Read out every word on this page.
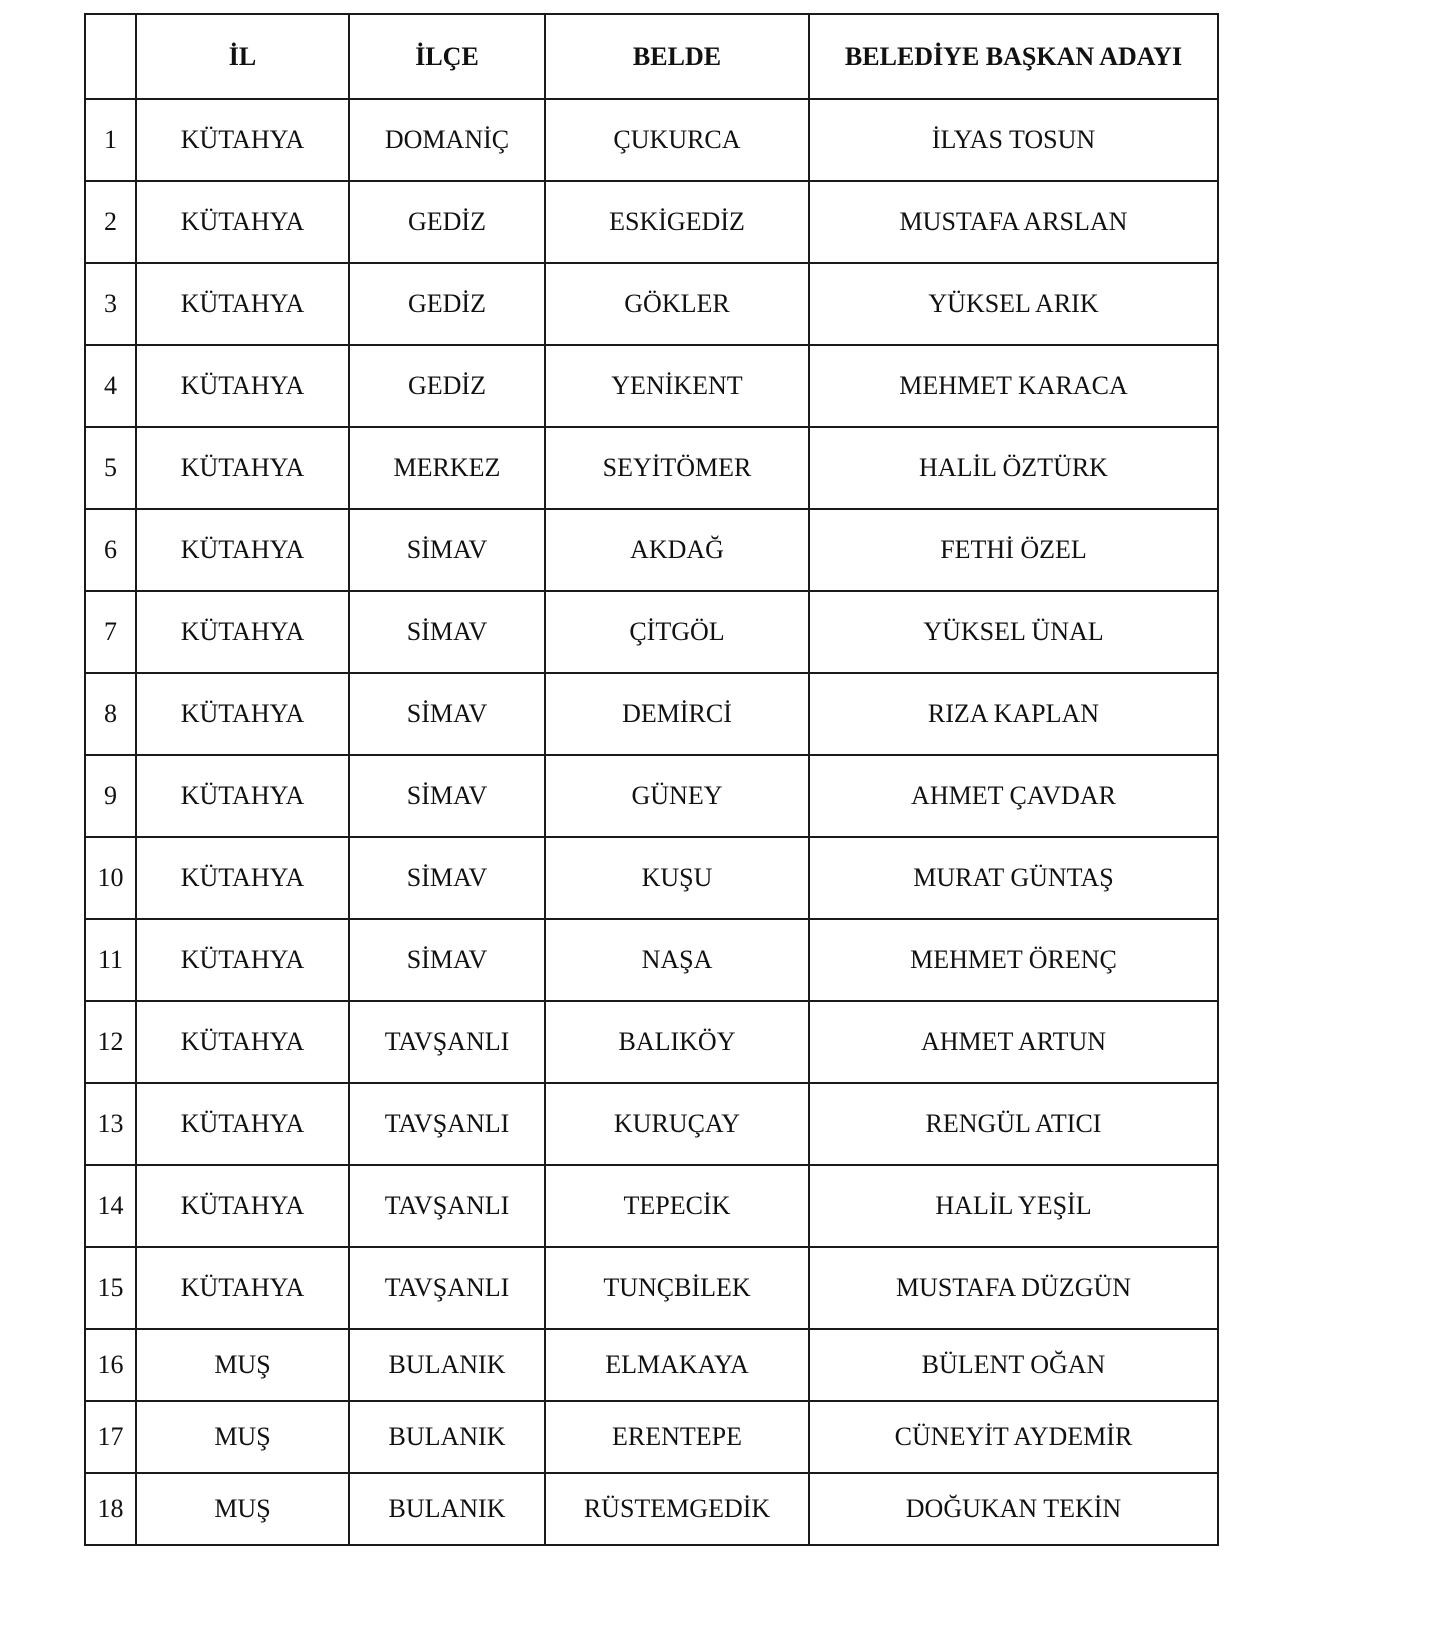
	İL	İLÇE	BELDE	BELEDİYE BAŞKAN ADAYI
1	KÜTAHYA	DOMANİÇ	ÇUKURCA	İLYAS TOSUN
2	KÜTAHYA	GEDİZ	ESKİGEDİZ	MUSTAFA ARSLAN
3	KÜTAHYA	GEDİZ	GÖKLER	YÜKSEL ARIK
4	KÜTAHYA	GEDİZ	YENİKENT	MEHMET KARACA
5	KÜTAHYA	MERKEZ	SEYİTÖMER	HALİL ÖZTÜRK
6	KÜTAHYA	SİMAV	AKDAĞ	FETHİ ÖZEL
7	KÜTAHYA	SİMAV	ÇİTGÖL	YÜKSEL ÜNAL
8	KÜTAHYA	SİMAV	DEMİRCİ	RIZA KAPLAN
9	KÜTAHYA	SİMAV	GÜNEY	AHMET ÇAVDAR
10	KÜTAHYA	SİMAV	KUŞU	MURAT GÜNTAŞ
11	KÜTAHYA	SİMAV	NAŞA	MEHMET ÖRENÇ
12	KÜTAHYA	TAVŞANLI	BALIKÖY	AHMET ARTUN
13	KÜTAHYA	TAVŞANLI	KURUÇAY	RENGÜL ATICI
14	KÜTAHYA	TAVŞANLI	TEPECİK	HALİL YEŞİL
15	KÜTAHYA	TAVŞANLI	TUNÇBİLEK	MUSTAFA DÜZGÜN
16	MUŞ	BULANIK	ELMAKAYA	BÜLENT OĞAN
17	MUŞ	BULANIK	ERENTEPE	CÜNEYİT AYDEMİR
18	MUŞ	BULANIK	RÜSTEMGEDİK	DOĞUKAN TEKİN
